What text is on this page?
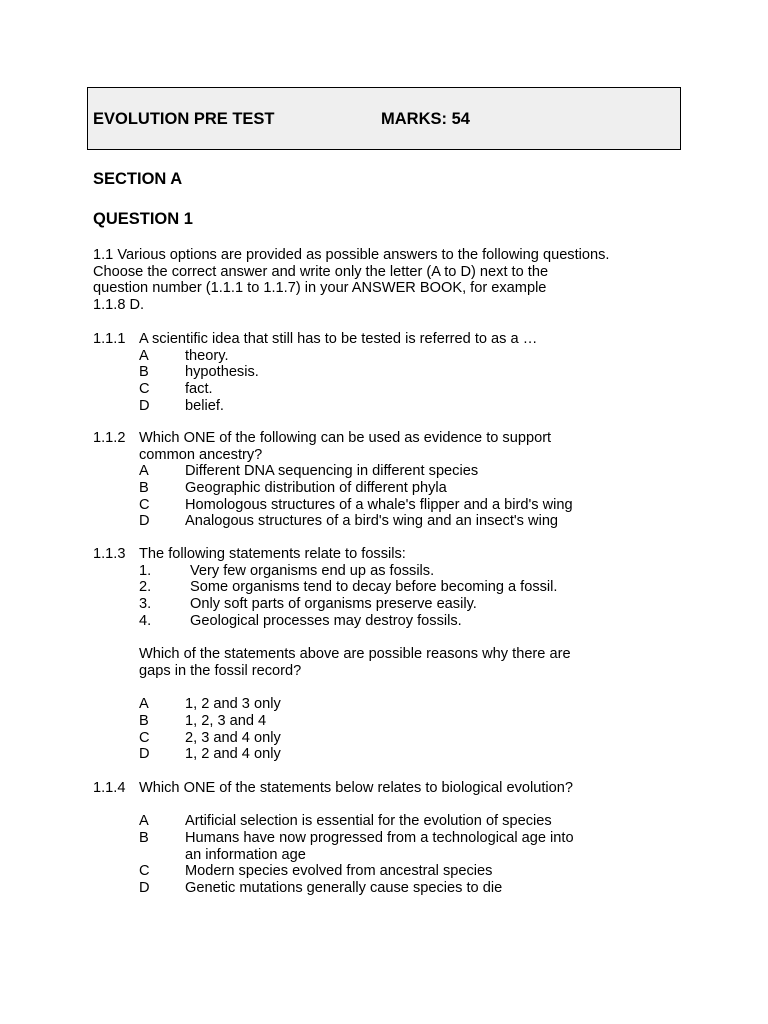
EVOLUTION PRE TEST	MARKS: 54
SECTION A
QUESTION 1

1.1 Various options are provided as possible answers to the following questions.
Choose the correct answer and write only the letter (A to D) next to the
question number (1.1.1 to 1.1.7) in your ANSWER BOOK, for example
1.1.8 D.

1.1.1 A scientific idea that still has to be tested is referred to as a …
A theory.
B hypothesis.
C fact.
D belief.
1.1.2 Which ONE of the following can be used as evidence to support
common ancestry?
A Different DNA sequencing in different species
B Geographic distribution of different phyla
C Homologous structures of a whale's flipper and a bird's wing
D Analogous structures of a bird's wing and an insect's wing
1.1.3 The following statements relate to fossils:
1.	Very few organisms end up as fossils.
2.	Some organisms tend to decay before becoming a fossil.
3.	Only soft parts of organisms preserve easily.
4.	Geological processes may destroy fossils.
Which of the statements above are possible reasons why there are
gaps in the fossil record?
A 1, 2 and 3 only
B 1, 2, 3 and 4
C 2, 3 and 4 only
D 1, 2 and 4 only
1.1.4 Which ONE of the statements below relates to biological evolution?
A Artificial selection is essential for the evolution of species
B Humans have now progressed from a technological age into
an information age
C Modern species evolved from ancestral species
D Genetic mutations generally cause species to die
